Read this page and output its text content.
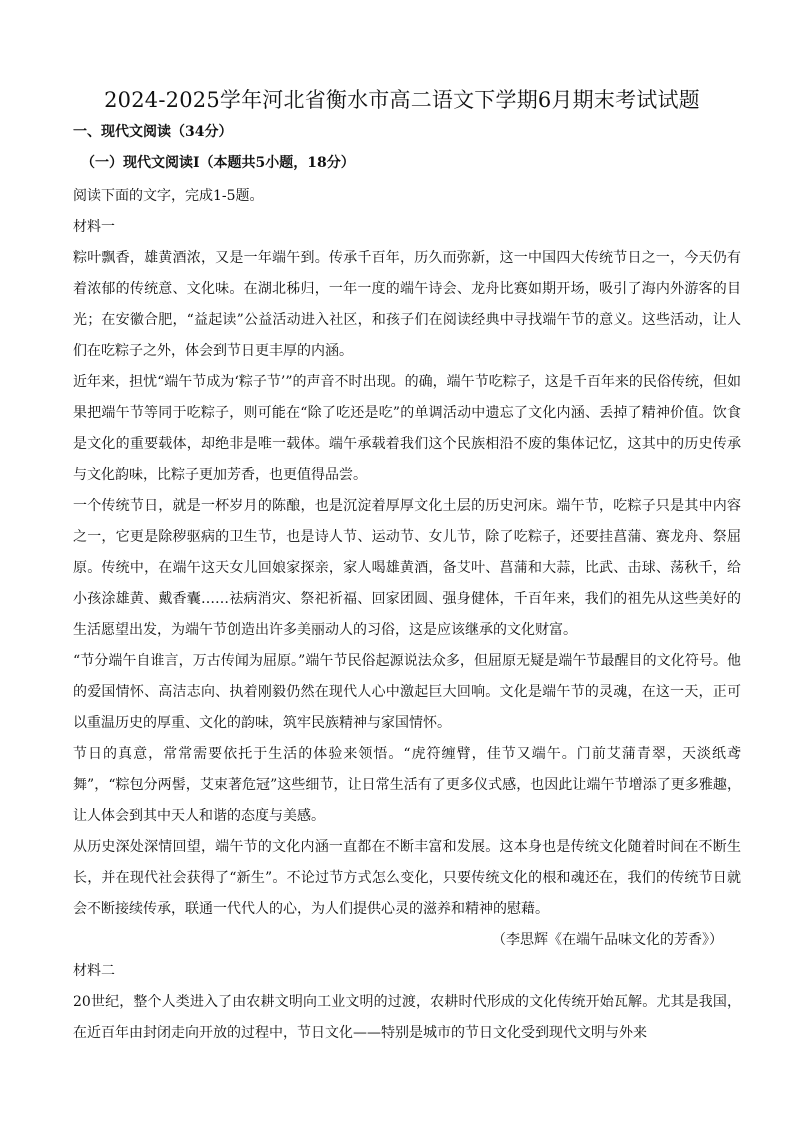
2024-2025学年河北省衡水市高二语文下学期6月期末考试试题
一、现代文阅读（34分）
（一）现代文阅读Ⅰ（本题共5小题，18分）
阅读下面的文字，完成1-5题。
材料一

粽叶飘香，雄黄酒浓，又是一年端午到。传承千百年，历久而弥新，这一中国四大传统节日之一，今天仍有着浓郁的传统意、文化味。在湖北秭归，一年一度的端午诗会、龙舟比赛如期开场，吸引了海内外游客的目光；在安徽合肥，“益起读”公益活动进入社区，和孩子们在阅读经典中寻找端午节的意义。这些活动，让人们在吃粽子之外，体会到节日更丰厚的内涵。

近年来，担忧“端午节成为‘粽子节’”的声音不时出现。的确，端午节吃粽子，这是千百年来的民俗传统，但如果把端午节等同于吃粽子，则可能在“除了吃还是吃”的单调活动中遗忘了文化内涵、丢掉了精神价值。饮食是文化的重要载体，却绝非是唯一载体。端午承载着我们这个民族相沿不废的集体记忆，这其中的历史传承与文化韵味，比粽子更加芳香，也更值得品尝。

一个传统节日，就是一杯岁月的陈酿，也是沉淀着厚厚文化土层的历史河床。端午节，吃粽子只是其中内容之一，它更是除秽驱病的卫生节，也是诗人节、运动节、女儿节，除了吃粽子，还要挂菖蒲、赛龙舟、祭屈原。传统中，在端午这天女儿回娘家探亲，家人喝雄黄酒，备艾叶、菖蒲和大蒜，比武、击球、荡秋千，给小孩涂雄黄、戴香囊……祛病消灾、祭祀祈福、回家团圆、强身健体，千百年来，我们的祖先从这些美好的生活愿望出发，为端午节创造出许多美丽动人的习俗，这是应该继承的文化财富。

“节分端午自谁言，万古传闻为屈原。”端午节民俗起源说法众多，但屈原无疑是端午节最醒目的文化符号。他的爱国情怀、高洁志向、执着刚毅仍然在现代人心中激起巨大回响。文化是端午节的灵魂，在这一天，正可以重温历史的厚重、文化的韵味，筑牢民族精神与家国情怀。

节日的真意，常常需要依托于生活的体验来领悟。“虎符缠臂，佳节又端午。门前艾蒲青翠，天淡纸鸢舞”，“粽包分两髻，艾束著危冠”这些细节，让日常生活有了更多仪式感，也因此让端午节增添了更多雅趣，让人体会到其中天人和谐的态度与美感。

从历史深处深情回望，端午节的文化内涵一直都在不断丰富和发展。这本身也是传统文化随着时间在不断生长，并在现代社会获得了“新生”。不论过节方式怎么变化，只要传统文化的根和魂还在，我们的传统节日就会不断接续传承，联通一代代人的心，为人们提供心灵的滋养和精神的慰藉。

（李思辉《在端午品味文化的芳香》）
材料二

20世纪，整个人类进入了由农耕文明向工业文明的过渡，农耕时代形成的文化传统开始瓦解。尤其是我国，在近百年由封闭走向开放的过程中，节日文化——特别是城市的节日文化受到现代文明与外来
